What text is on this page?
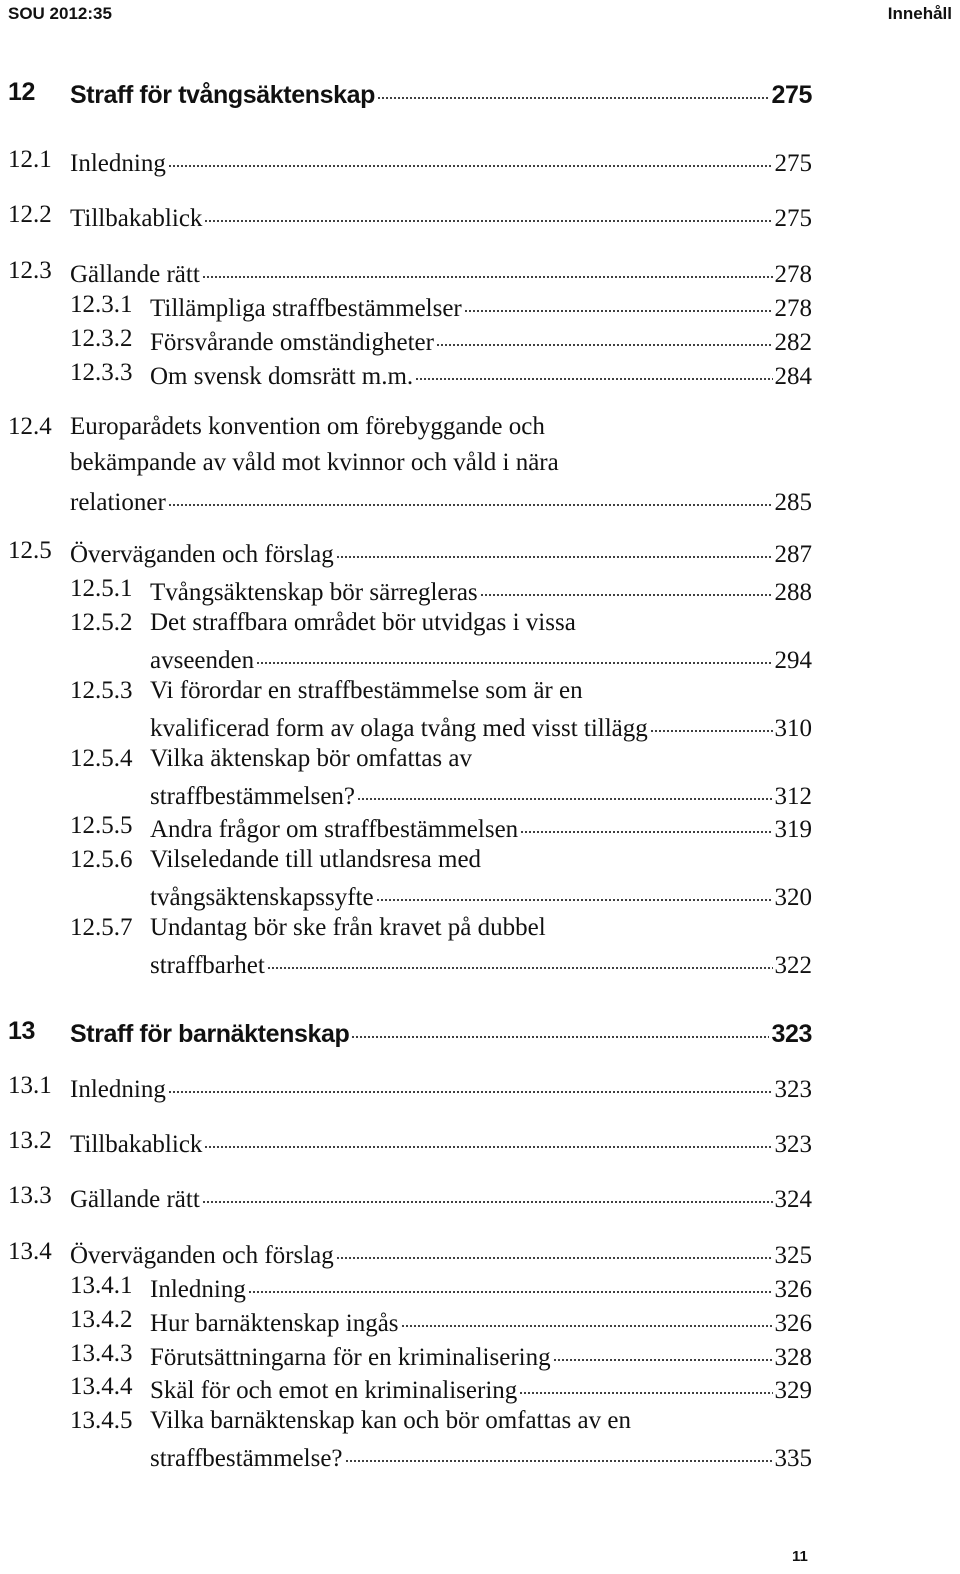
SOU 2012:35	Innehåll
12 Straff för tvångsäktenskap	275
12.1 Inledning	275
12.2 Tillbakablick	275
12.3 Gällande rätt	278
12.3.1 Tillämpliga straffbestämmelser	278
12.3.2 Försvårande omständigheter	282
12.3.3 Om svensk domsrätt m.m.	284
12.4 Europarådets konvention om förebyggande och
bekämpande av våld mot kvinnor och våld i nära
relationer	285
12.5 Överväganden och förslag	287
12.5.1 Tvångsäktenskap bör särregleras	288
12.5.2 Det straffbara området bör utvidgas i vissa
avseenden	294
12.5.3 Vi förordar en straffbestämmelse som är en
kvalificerad form av olaga tvång med visst tillägg	310
12.5.4 Vilka äktenskap bör omfattas av
straffbestämmelsen?	312
12.5.5 Andra frågor om straffbestämmelsen	319
12.5.6 Vilseledande till utlandsresa med
tvångsäktenskapssyfte	320
12.5.7 Undantag bör ske från kravet på dubbel
straffbarhet	322
13 Straff för barnäktenskap	323
13.1 Inledning	323
13.2 Tillbakablick	323
13.3 Gällande rätt	324
13.4 Överväganden och förslag	325
13.4.1 Inledning	326
13.4.2 Hur barnäktenskap ingås	326
13.4.3 Förutsättningarna för en kriminalisering	328
13.4.4 Skäl för och emot en kriminalisering	329
13.4.5 Vilka barnäktenskap kan och bör omfattas av en
straffbestämmelse?	335
11
